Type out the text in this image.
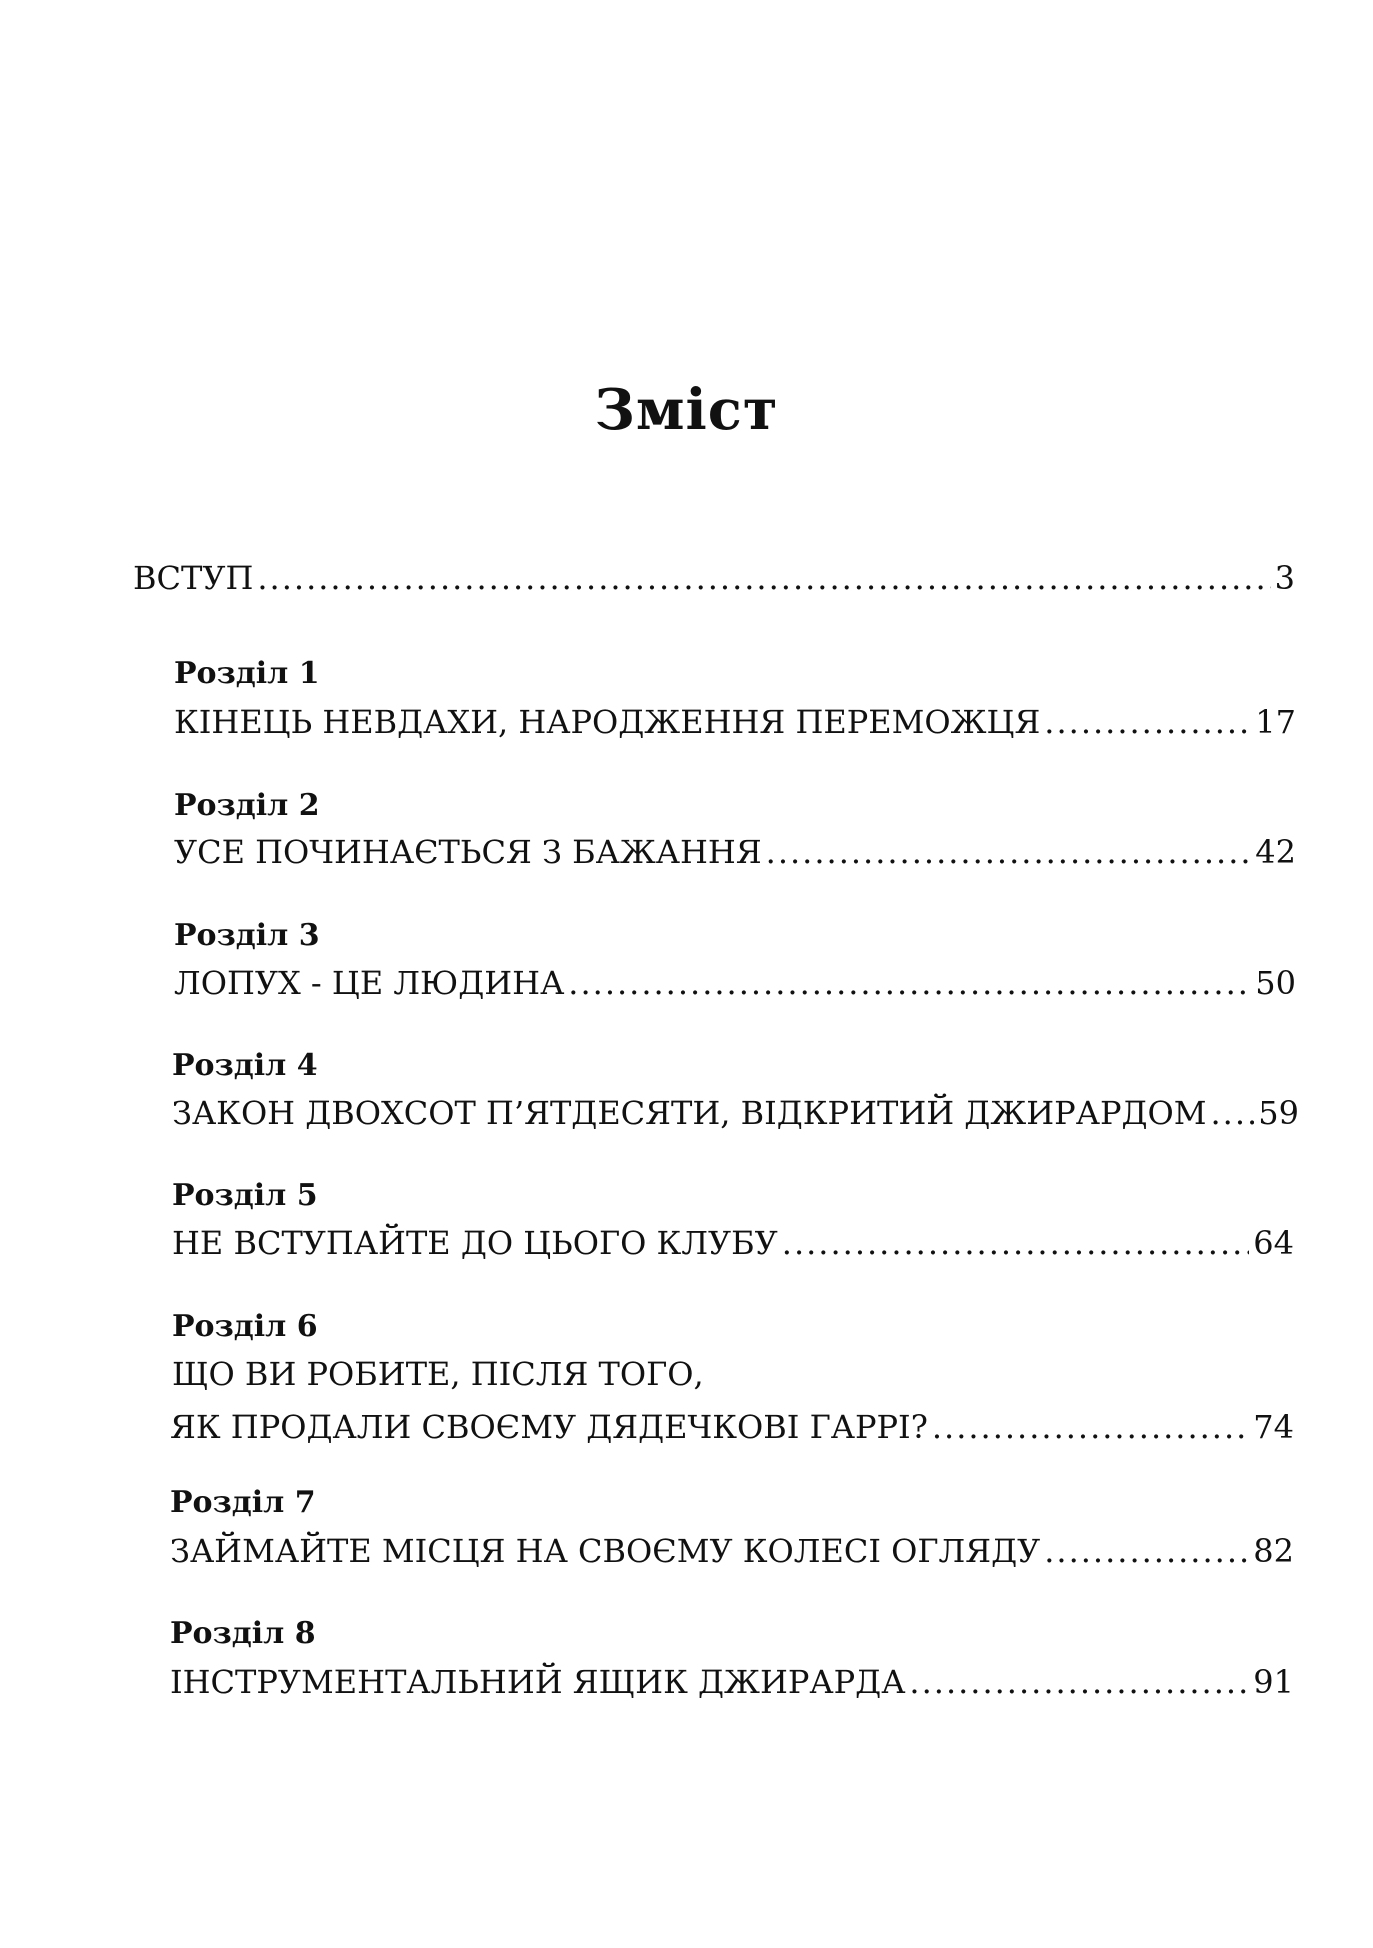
Зміст
ВСТУП .....	3
Розділ 1
КІНЕЦЬ НЕВДАХИ, НАРОДЖЕННЯ ПЕРЕМОЖЦЯ .....	17
Розділ 2
УСЕ ПОЧИНАЄТЬСЯ З БАЖАННЯ .....	42
Розділ 3
ЛОПУХ - ЦЕ ЛЮДИНА .....	50
Розділ 4
ЗАКОН ДВОХСОТ П’ЯТДЕСЯТИ, ВІДКРИТИЙ ДЖИРАРДОМ ..... 59
Розділ 5
НЕ ВСТУПАЙТЕ ДО ЦЬОГО КЛУБУ .....	64
Розділ 6
ЩО ВИ РОБИТЕ, ПІСЛЯ ТОГО,
ЯК ПРОДАЛИ СВОЄМУ ДЯДЕЧКОВІ ГАРРІ? .....	74
Розділ 7
ЗАЙМАЙТЕ МІСЦЯ НА СВОЄМУ КОЛЕСІ ОГЛЯДУ .....	82
Розділ 8
ІНСТРУМЕНТАЛЬНИЙ ЯЩИК ДЖИРАРДА .....	91
